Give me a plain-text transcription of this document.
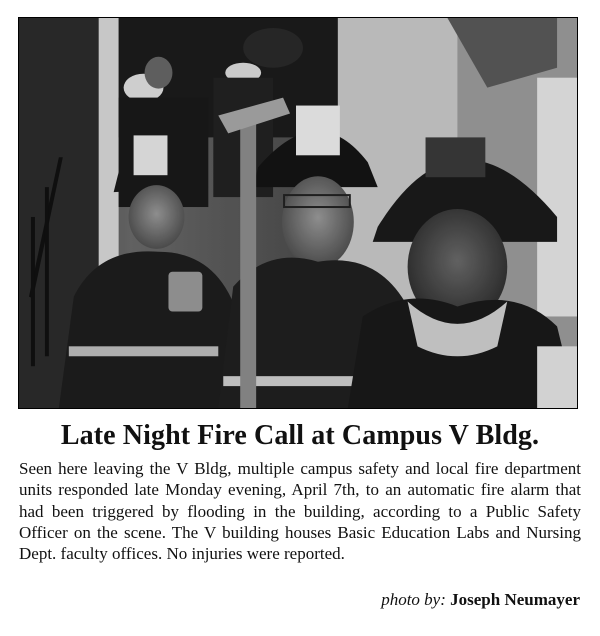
Late Night Fire Call at Campus V Bldg.

Seen here leaving the V Bldg, multiple campus safety and local fire department units responded late Monday evening, April 7th, to an automatic fire alarm that had been triggered by flooding in the building, according to a Public Safety Officer on the scene. The V building houses Basic Education Labs and Nursing Dept. faculty offices. No injuries were reported.

photo by: Joseph Neumayer
